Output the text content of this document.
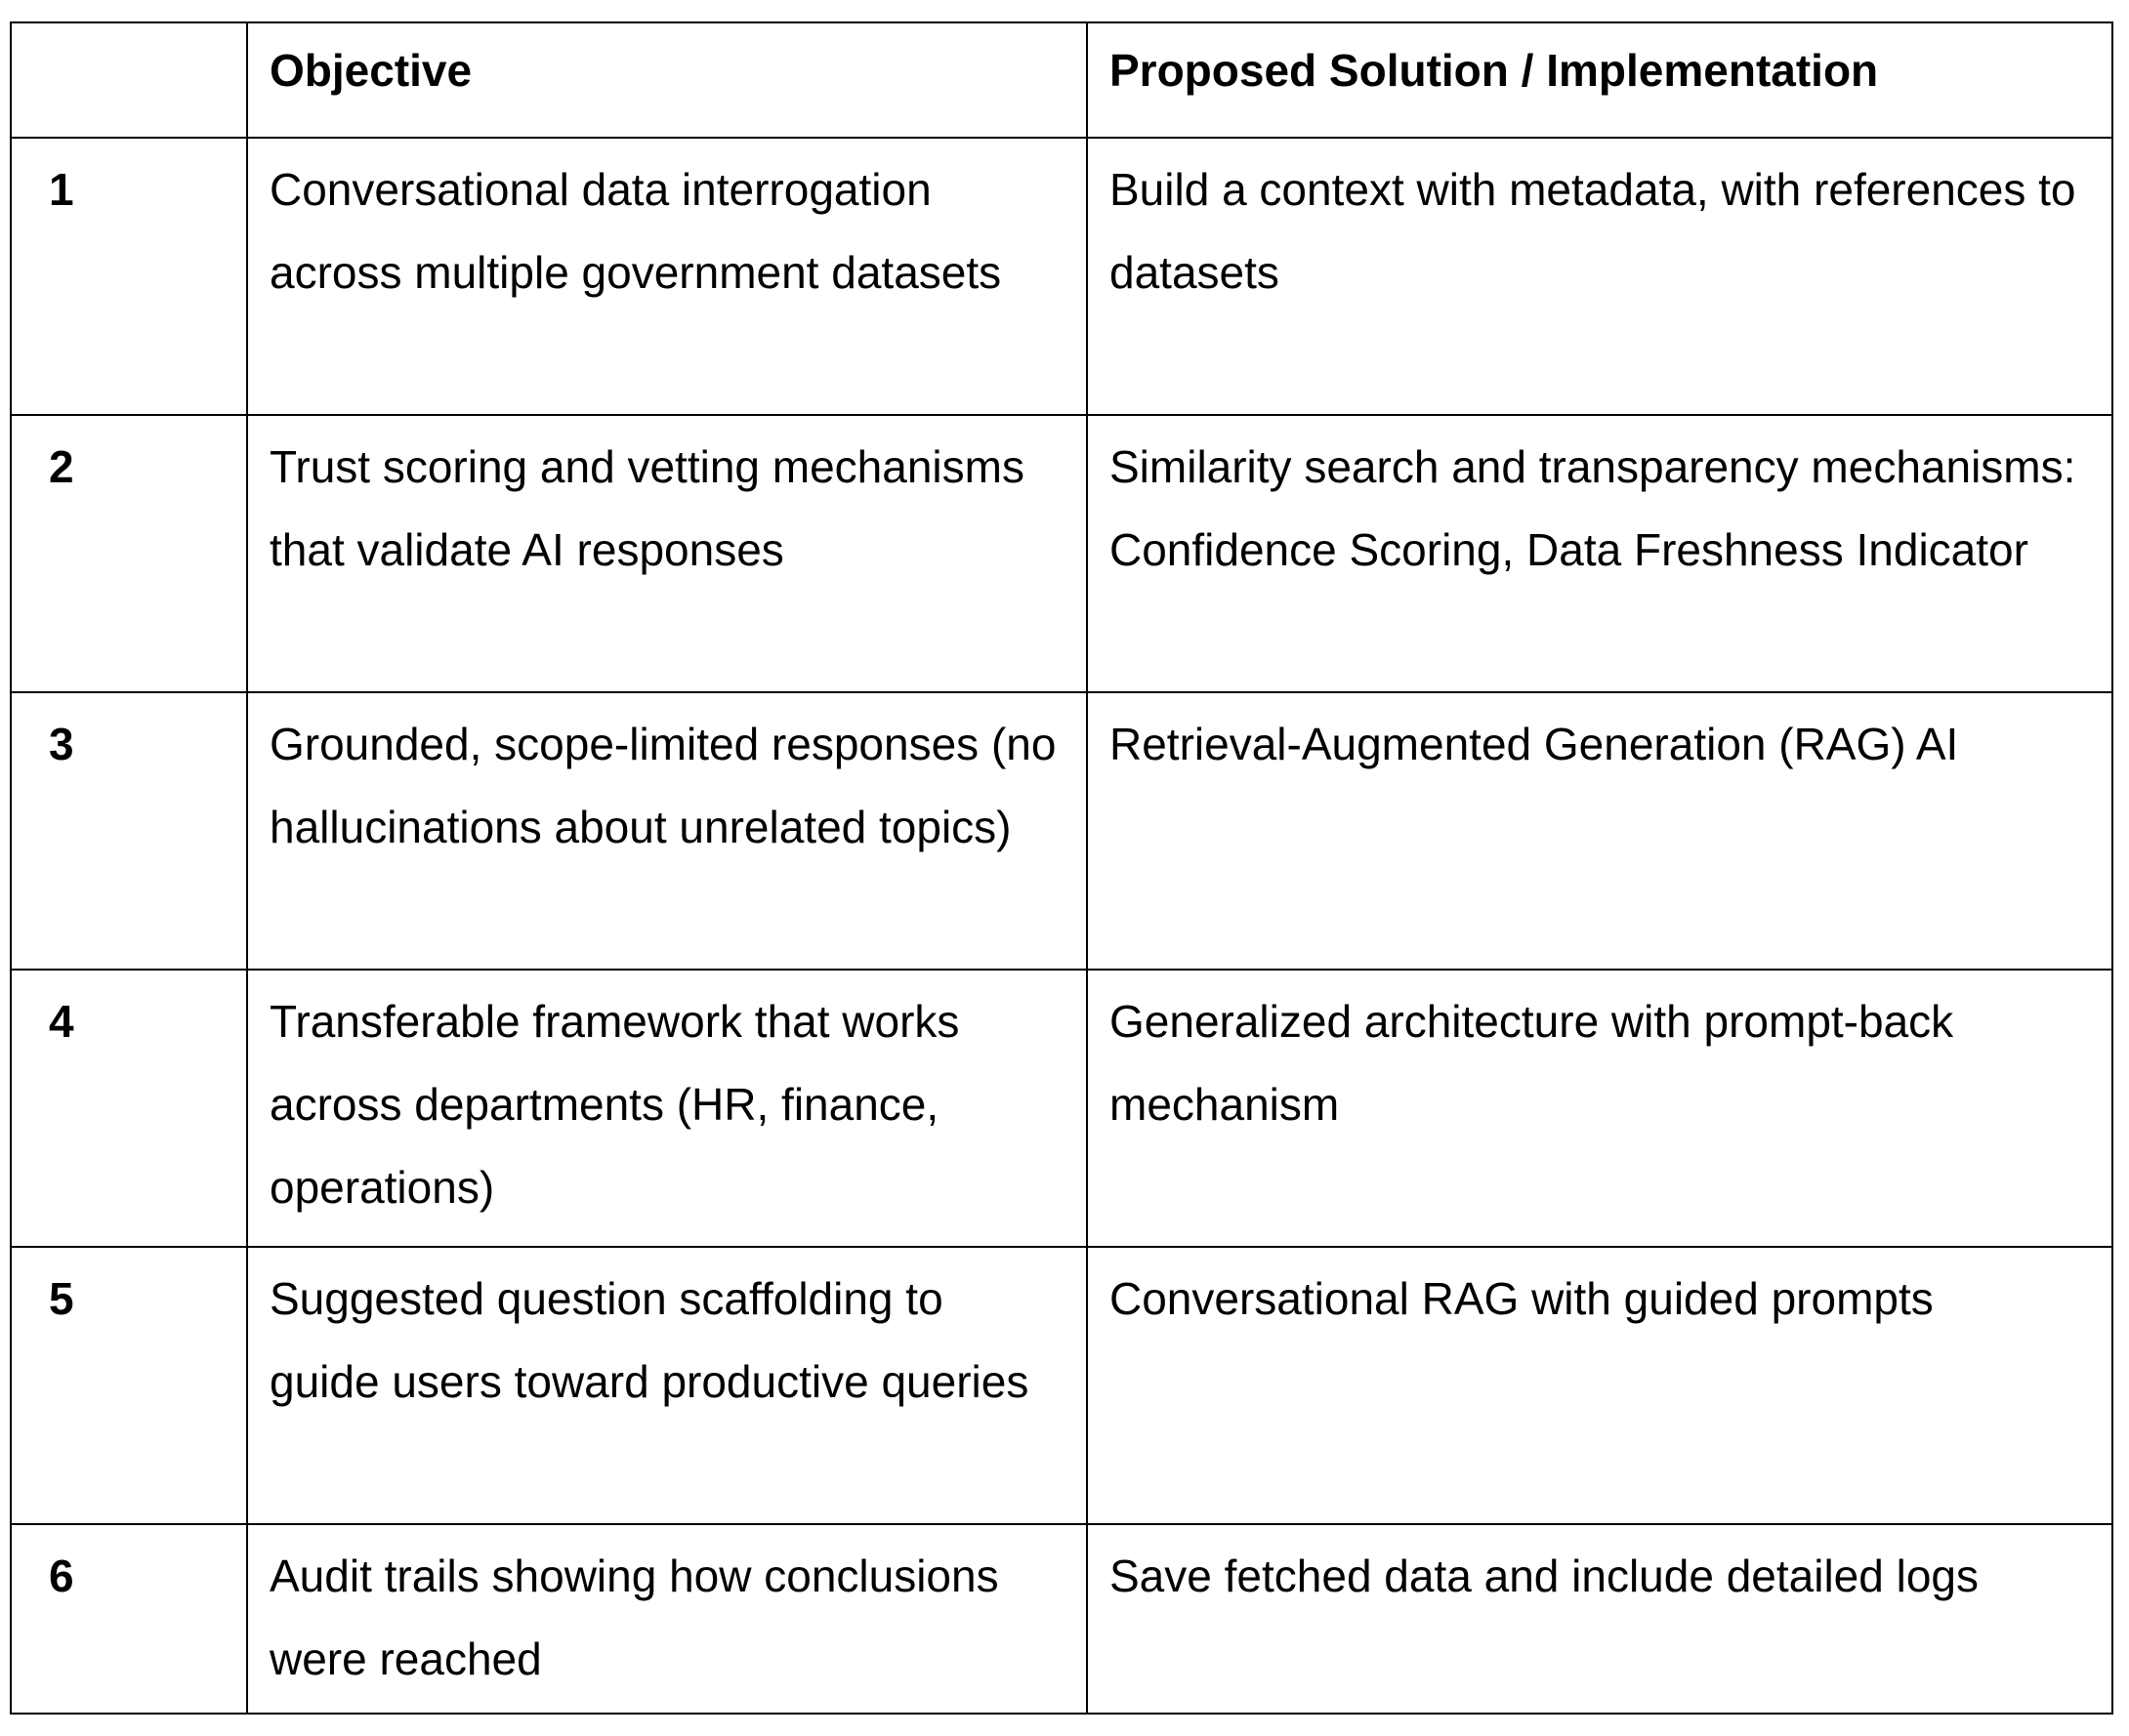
	Objective	Proposed Solution / Implementation
1	Conversational data interrogation across multiple government datasets	Build a context with metadata, with references to datasets
2	Trust scoring and vetting mechanisms that validate AI responses	Similarity search and transparency mechanisms: Confidence Scoring, Data Freshness Indicator
3	Grounded, scope-limited responses (no hallucinations about unrelated topics)	Retrieval-Augmented Generation (RAG) AI
4	Transferable framework that works across departments (HR, finance, operations)	Generalized architecture with prompt-back mechanism
5	Suggested question scaffolding to guide users toward productive queries	Conversational RAG with guided prompts
6	Audit trails showing how conclusions were reached	Save fetched data and include detailed logs
